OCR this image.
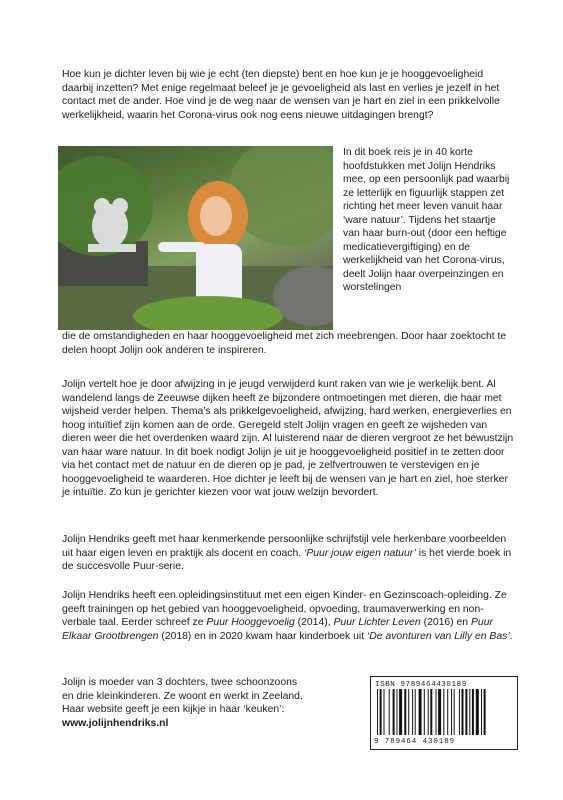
Hoe kun je dichter leven bij wie je echt (ten diepste) bent en hoe kun je je hooggevoeligheid daarbij inzetten? Met enige regelmaat beleef je je gevoeligheid als last en verlies je jezelf in het contact met de ander. Hoe vind je de weg naar de wensen van je hart en ziel in een prikkelvolle werkelijkheid, waarin het Corona-virus ook nog eens nieuwe uitdagingen brengt?

In dit boek reis je in 40 korte hoofdstukken met Jolijn Hendriks mee, op een persoonlijk pad waarbij ze letterlijk en figuurlijk stappen zet richting het meer leven vanuit haar ‘ware natuur’. Tijdens het staartje van haar burn-out (door een heftige medicatievergiftiging) en de werkelijkheid van het Corona-virus, deelt Jolijn haar overpeinzingen en worstelingen

die de omstandigheden en haar hooggevoeligheid met zich meebrengen. Door haar zoektocht te delen hoopt Jolijn ook anderen te inspireren.

Jolijn vertelt hoe je door afwijzing in je jeugd verwijderd kunt raken van wie je werkelijk bent. Al wandelend langs de Zeeuwse dijken heeft ze bijzondere ontmoetingen met dieren, die haar met wijsheid verder helpen. Thema’s als prikkelgevoeligheid, afwijzing, hard werken, energieverlies en hoog intuïtief zijn komen aan de orde. Geregeld stelt Jolijn vragen en geeft ze wijsheden van dieren weer die het overdenken waard zijn. Al luisterend naar de dieren vergroot ze het bewustzijn van haar ware natuur. In dit boek nodigt Jolijn je uit je hooggevoeligheid positief in te zetten door via het contact met de natuur en de dieren op je pad, je zelfvertrouwen te verstevigen en je hooggevoeligheid te waarderen. Hoe dichter je leeft bij de wensen van je hart en ziel, hoe sterker je intuïtie. Zo kun je gerichter kiezen voor wat jouw welzijn bevordert.

Jolijn Hendriks geeft met haar kenmerkende persoonlijke schrijfstijl vele herkenbare voorbeelden uit haar eigen leven en praktijk als docent en coach. ‘Puur jouw eigen natuur’ is het vierde boek in de succesvolle Puur-serie.

Jolijn Hendriks heeft een opleidingsinstituut met een eigen Kinder- en Gezinscoach-opleiding. Ze geeft trainingen op het gebied van hooggevoeligheid, opvoeding, traumaverwerking en non-verbale taal. Eerder schreef ze Puur Hooggevoelig (2014), Puur Lichter Leven (2016) en Puur Elkaar Grootbrengen (2018) en in 2020 kwam haar kinderboek uit ‘De avonturen van Lilly en Bas’.

Jolijn is moeder van 3 dochters, twee schoonzoons
en drie kleinkinderen. Ze woont en werkt in Zeeland.
Haar website geeft je een kijkje in haar ‘keuken’:
www.jolijnhendriks.nl
ISBN 9789464430189
9 789464 430189
